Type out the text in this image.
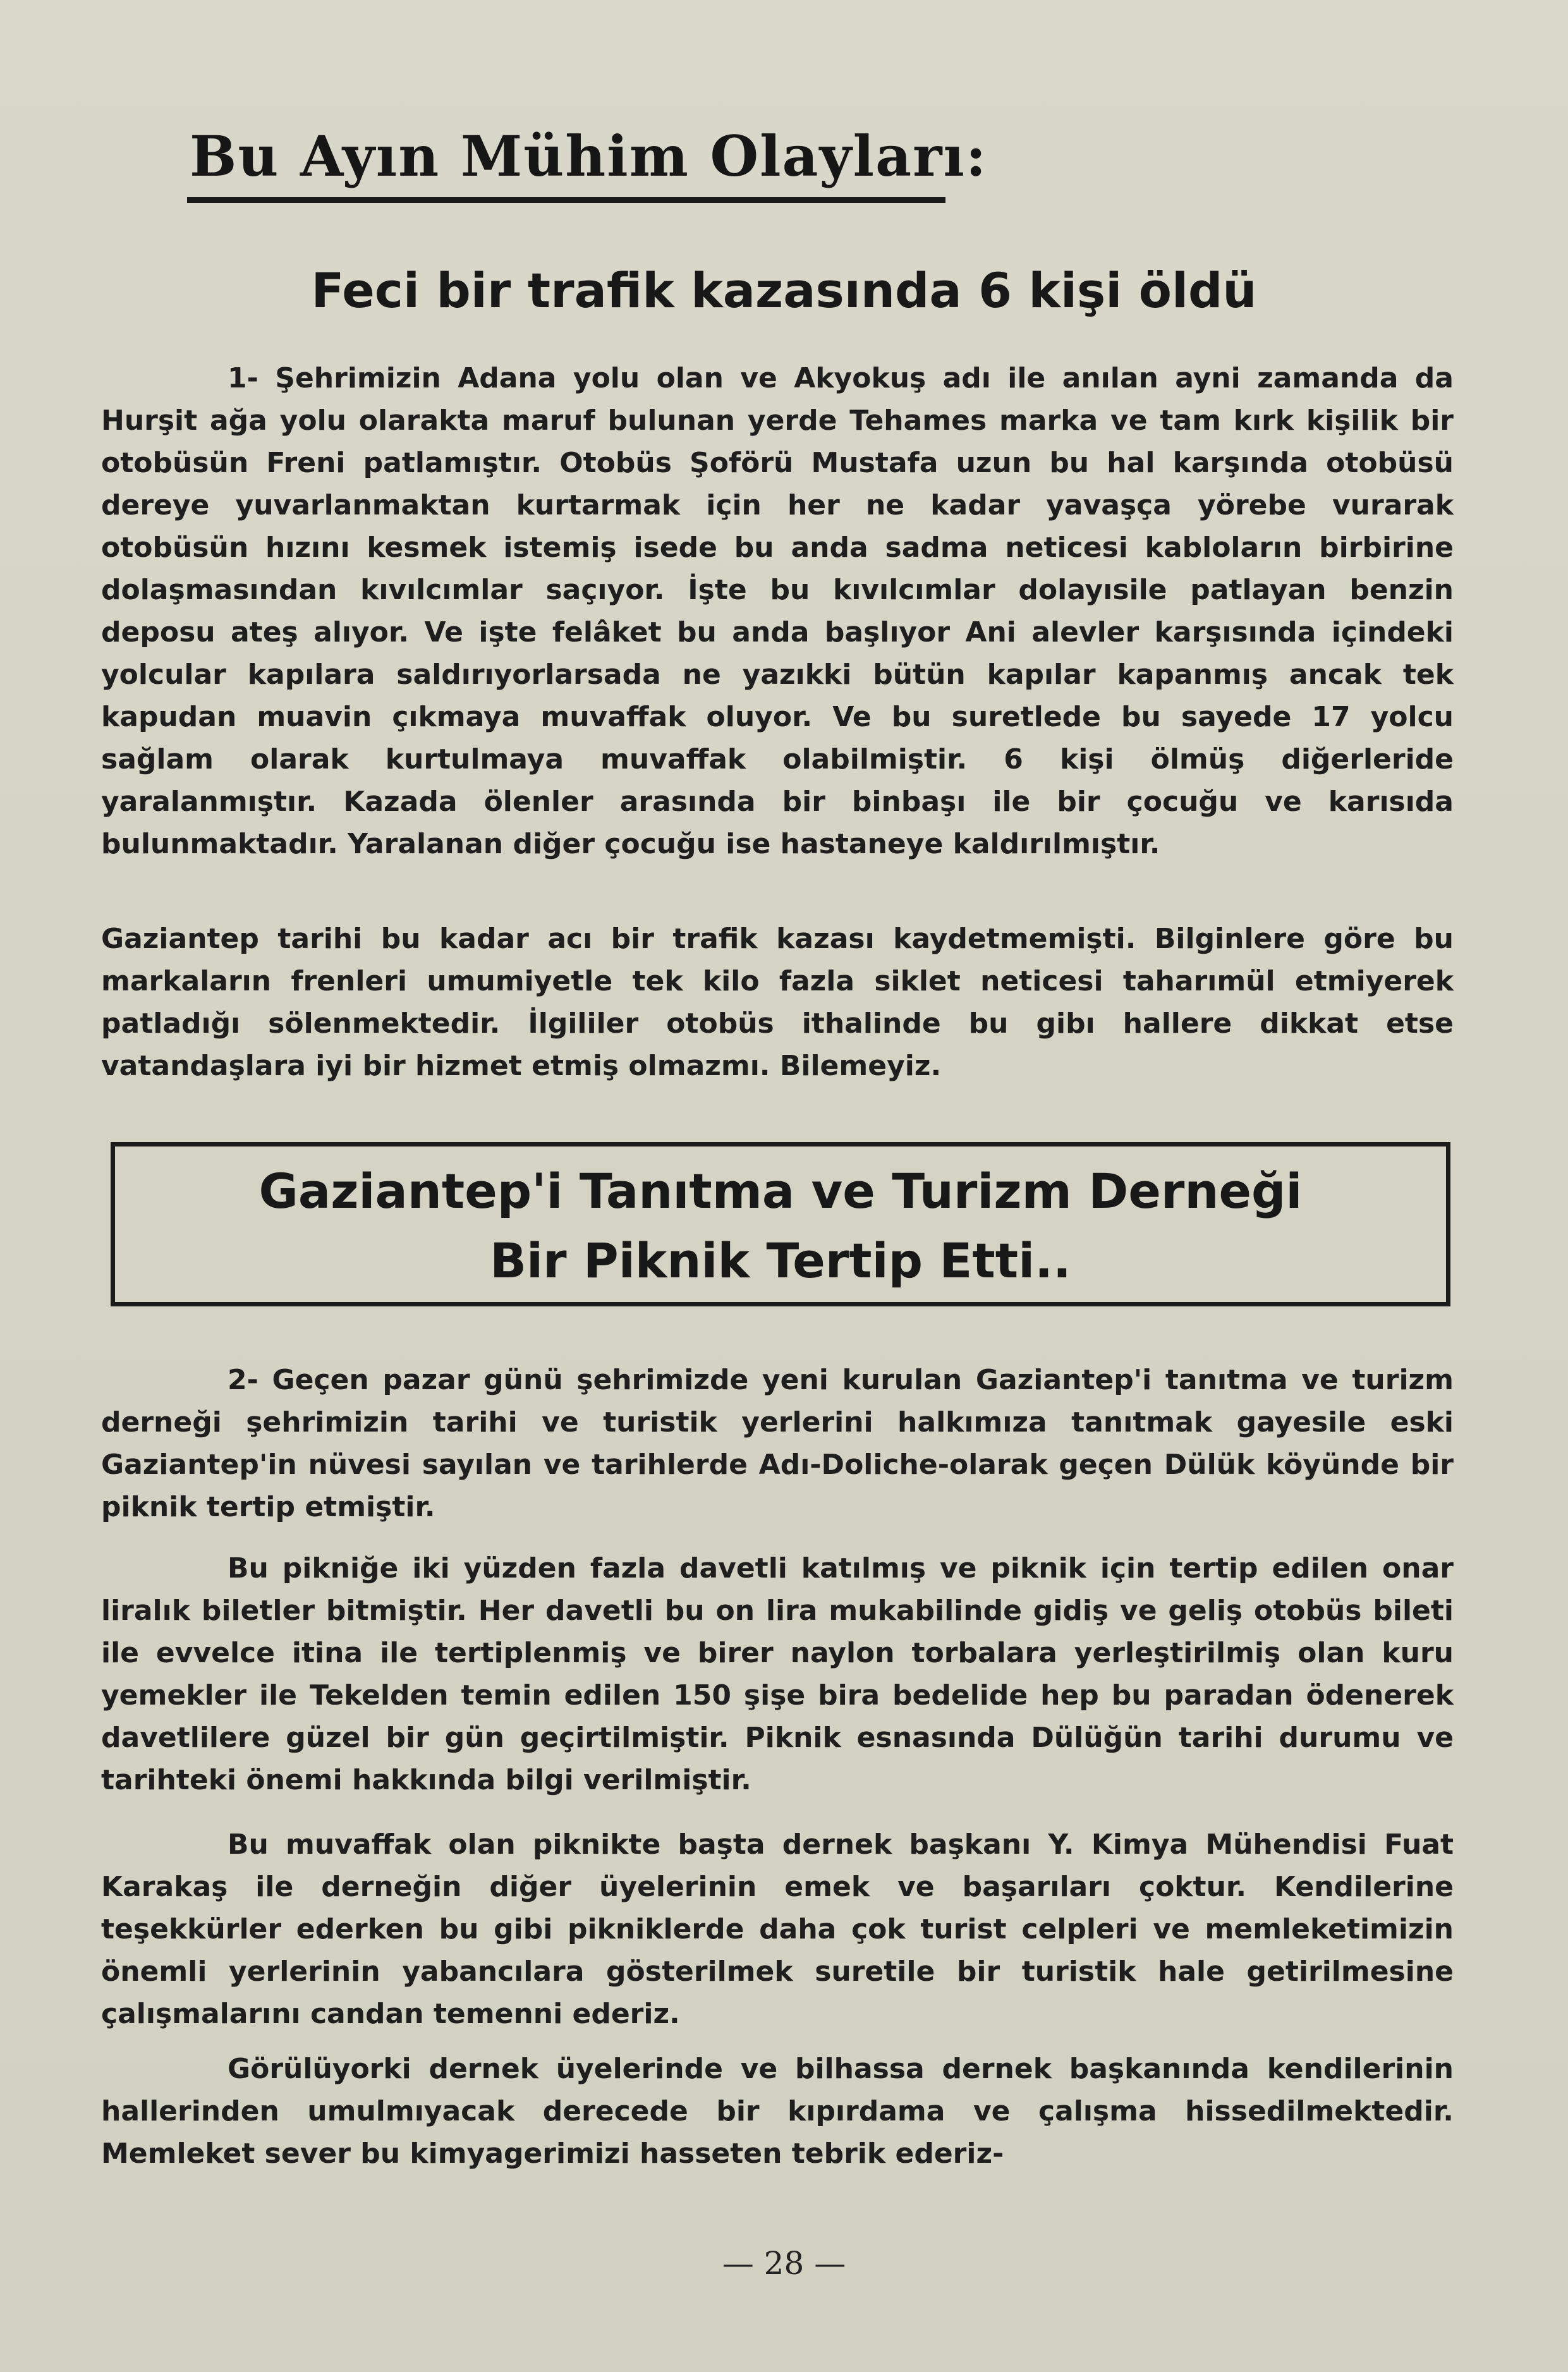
Bu Ayın Mühim Olayları:
Feci bir trafik kazasında 6 kişi öldü

1- Şehrimizin Adana yolu olan ve Akyokuş adı ile anılan ayni zamanda da Hurşit ağa yolu olarakta maruf bulunan yerde Tehames marka ve tam kırk kişilik bir otobüsün Freni patlamıştır. Otobüs Şoförü Mustafa uzun bu hal karşında otobüsü dereye yuvarlanmaktan kurtarmak için her ne kadar yavaşça yörebe vurarak otobüsün hızını kesmek istemiş isede bu anda sadma neticesi kabloların birbirine dolaşmasından kıvılcımlar saçıyor. İşte bu kıvılcımlar dolayısile patlayan benzin deposu ateş alıyor. Ve işte felâket bu anda başlıyor Ani alevler karşısında içindeki yolcular kapılara saldırıyorlarsada ne yazıkki bütün kapılar kapanmış ancak tek kapudan muavin çıkmaya muvaffak oluyor. Ve bu suretlede bu sayede 17 yolcu sağlam olarak kurtulmaya muvaffak olabilmiştir. 6 kişi ölmüş diğerleride yaralanmıştır. Kazada ölenler arasında bir binbaşı ile bir çocuğu ve karısıda bulunmaktadır. Yaralanan diğer çocuğu ise hastaneye kaldırılmıştır.

Gaziantep tarihi bu kadar acı bir trafik kazası kaydetmemişti. Bilginlere göre bu markaların frenleri umumiyetle tek kilo fazla siklet neticesi taharımül etmiyerek patladığı sölenmektedir. İlgililer otobüs ithalinde bu gibı hallere dikkat etse vatandaşlara iyi bir hizmet etmiş olmazmı. Bilemeyiz.

Gaziantep'i Tanıtma ve Turizm Derneği
Bir Piknik Tertip Etti..

2- Geçen pazar günü şehrimizde yeni kurulan Gaziantep'i tanıtma ve turizm derneği şehrimizin tarihi ve turistik yerlerini halkımıza tanıtmak gayesile eski Gaziantep'in nüvesi sayılan ve tarihlerde Adı-Doliche-olarak geçen Dülük köyünde bir piknik tertip etmiştir.

Bu pikniğe iki yüzden fazla davetli katılmış ve piknik için tertip edilen onar liralık biletler bitmiştir. Her davetli bu on lira mukabilinde gidiş ve geliş otobüs bileti ile evvelce itina ile tertiplenmiş ve birer naylon torbalara yerleştirilmiş olan kuru yemekler ile Tekelden temin edilen 150 şişe bira bedelide hep bu paradan ödenerek davetlilere güzel bir gün geçirtilmiştir. Piknik esnasında Dülüğün tarihi durumu ve tarihteki önemi hakkında bilgi verilmiştir.

Bu muvaffak olan piknikte başta dernek başkanı Y. Kimya Mühendisi Fuat Karakaş ile derneğin diğer üyelerinin emek ve başarıları çoktur. Kendilerine teşekkürler ederken bu gibi pikniklerde daha çok turist celpleri ve memleketimizin önemli yerlerinin yabancılara gösterilmek suretile bir turistik hale getirilmesine çalışmalarını candan temenni ederiz.

Görülüyorki dernek üyelerinde ve bilhassa dernek başkanında kendilerinin hallerinden umulmıyacak derecede bir kıpırdama ve çalışma hissedilmektedir. Memleket sever bu kimyagerimizi hasseten tebrik ederiz-

— 28 —
